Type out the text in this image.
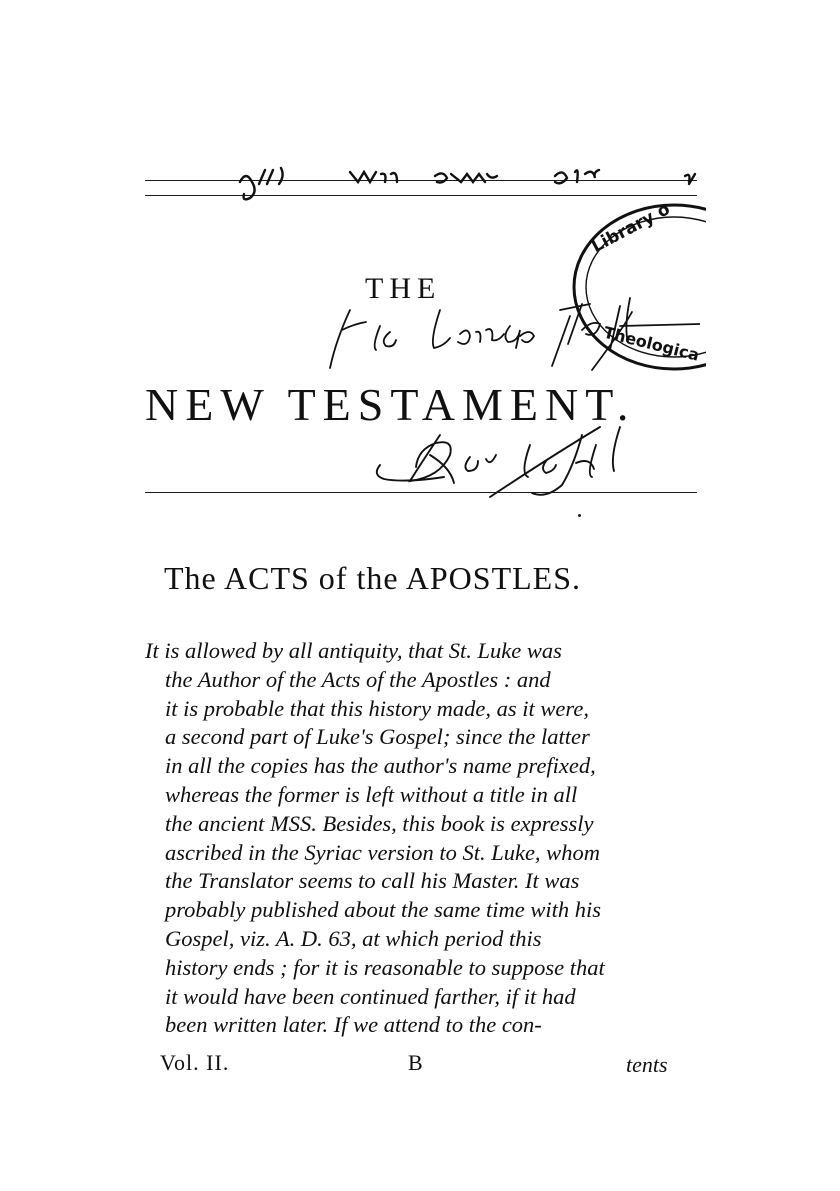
Library o
Theologica
THE
NEW TESTAMENT.
The ACTS of the APOSTLES.
It is allowed by all antiquity, that St. Luke was
the Author of the Acts of the Apostles : and
it is probable that this history made, as it were,
a second part of Luke's Gospel; since the latter
in all the copies has the author's name prefixed,
whereas the former is left without a title in all
the ancient MSS. Besides, this book is expressly
ascribed in the Syriac version to St. Luke, whom
the Translator seems to call his Master. It was
probably published about the same time with his
Gospel, viz. A. D. 63, at which period this
history ends ; for it is reasonable to suppose that
it would have been continued farther, if it had
been written later. If we attend to the con-
Vol. II.	B	tents
